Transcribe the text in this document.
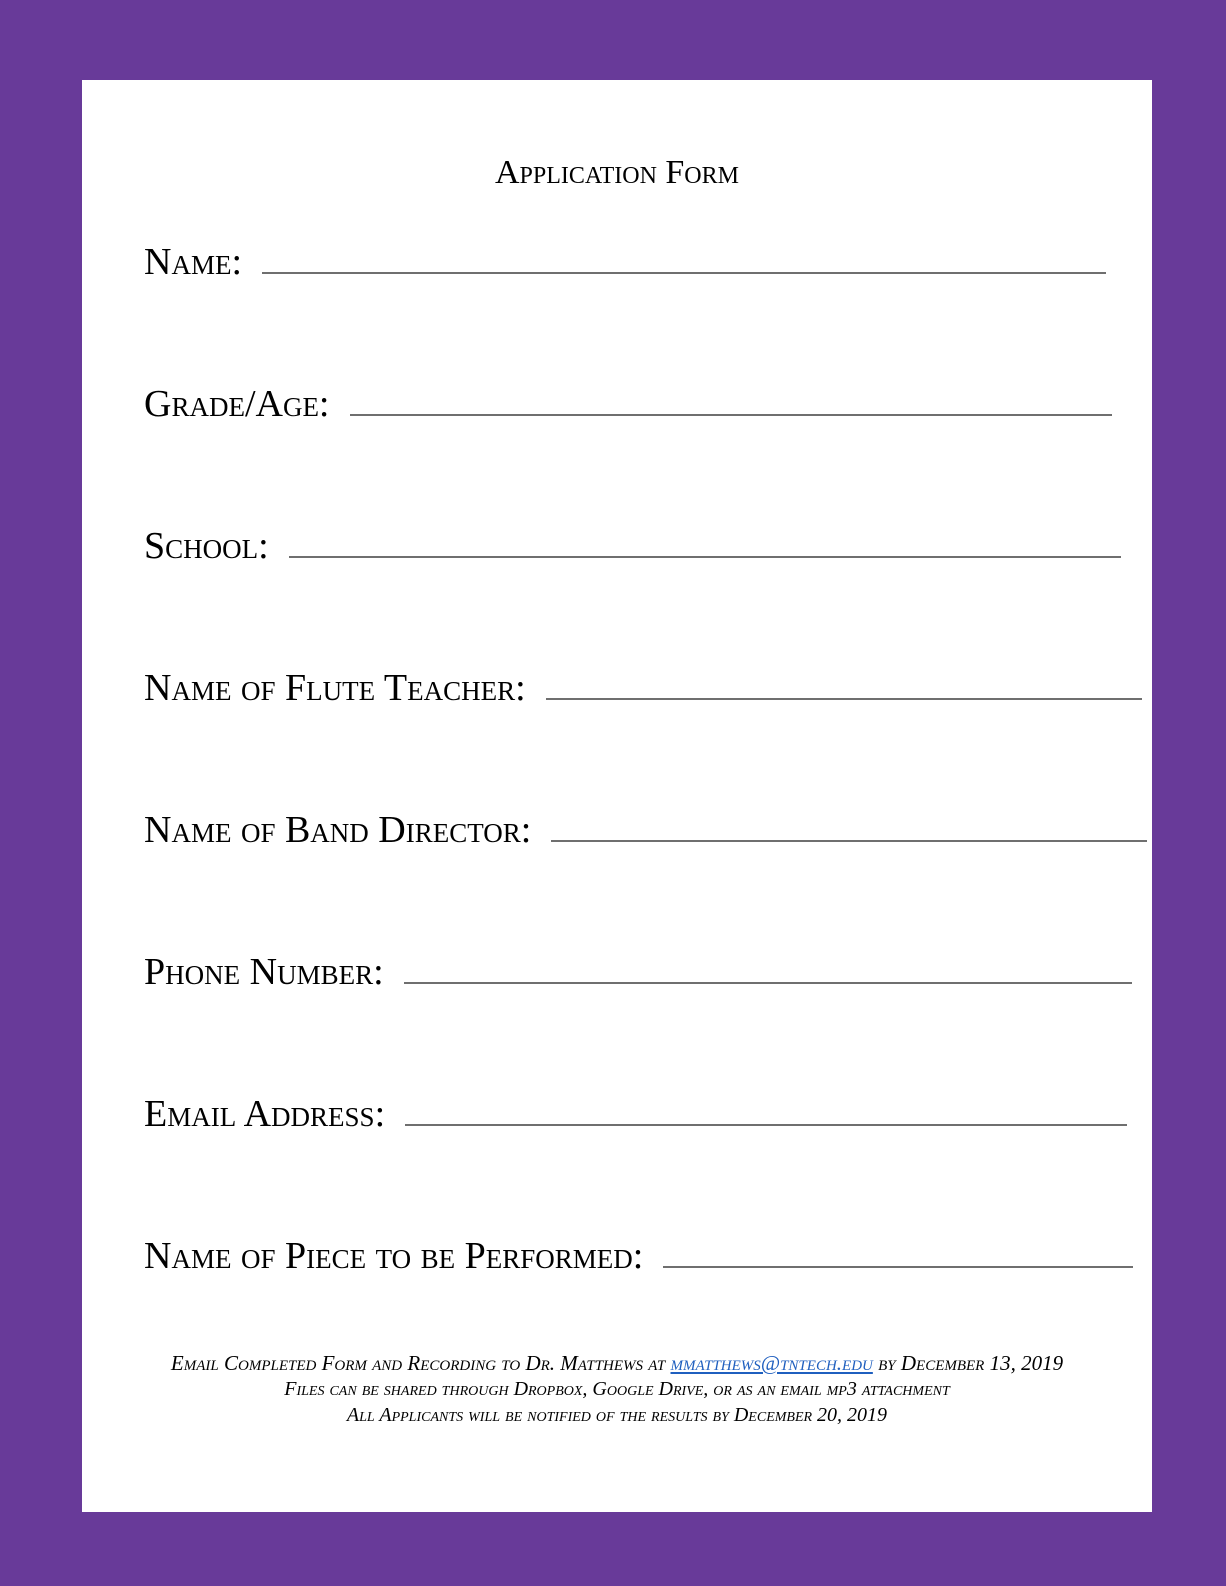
Application Form
Name:
Grade/Age:
School:
Name of Flute Teacher:
Name of Band Director:
Phone Number:
Email Address:
Name of Piece to be Performed:
Email Completed Form and Recording to Dr. Matthews at mmatthews@tntech.edu by December 13, 2019
Files can be shared through Dropbox, Google Drive, or as an email mp3 attachment
All Applicants will be notified of the results by December 20, 2019
